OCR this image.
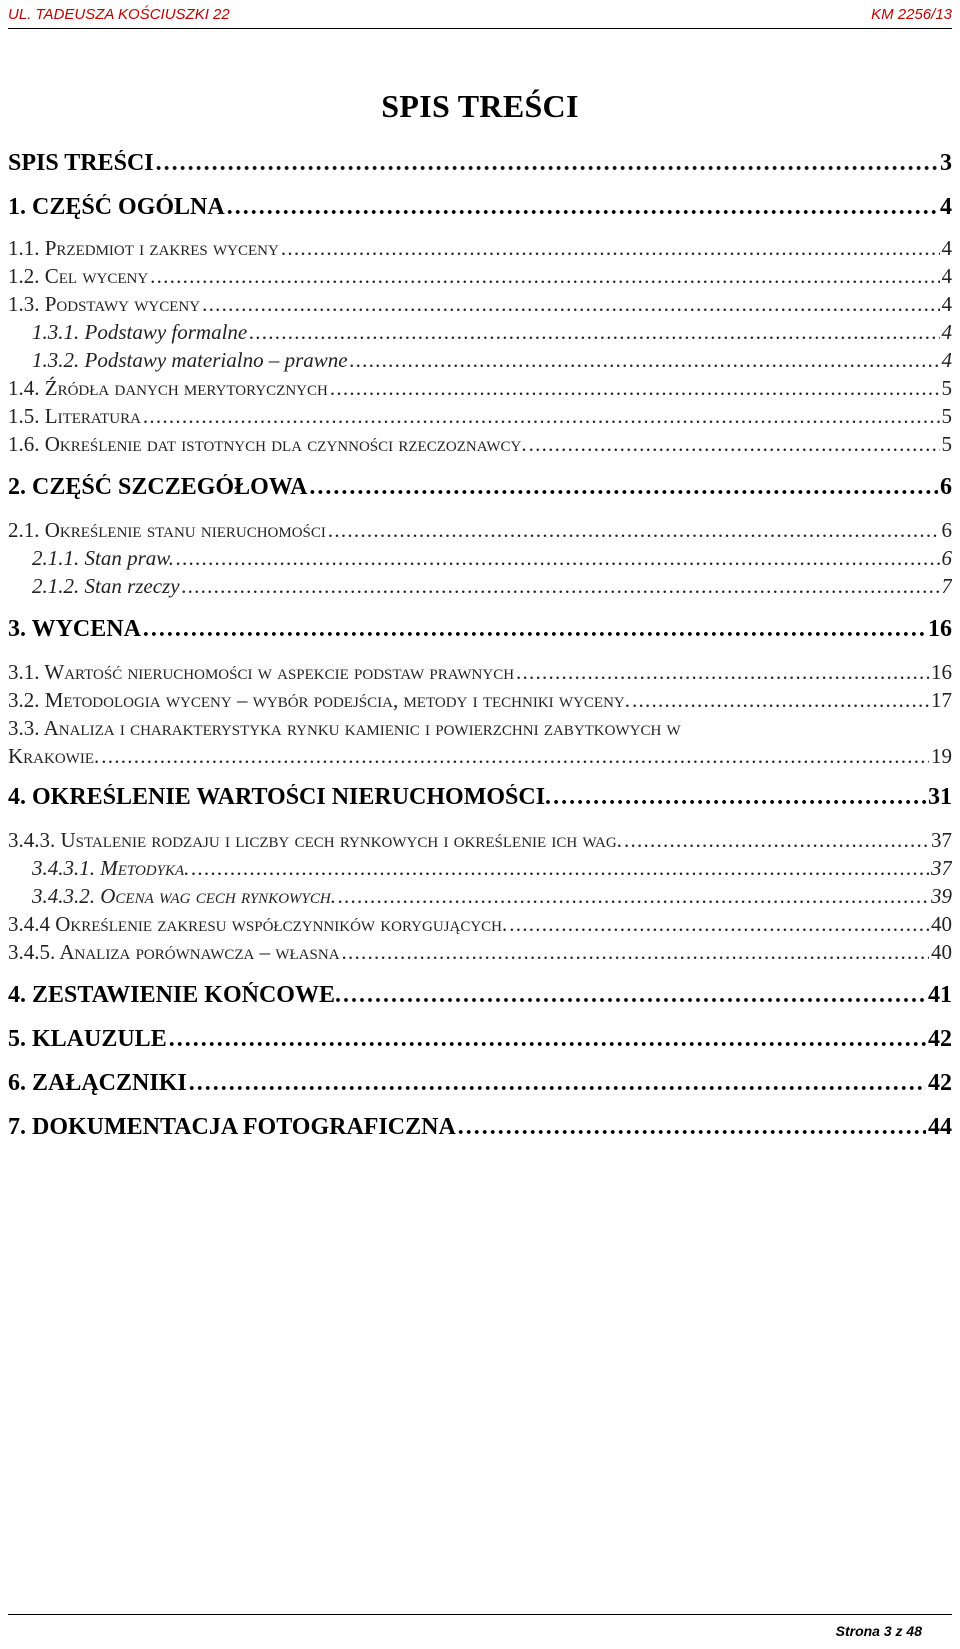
UL. TADEUSZA KOŚCIUSZKI 22	KM 2256/13
SPIS TREŚCI
SPIS TREŚCI . . .	3
1. CZĘŚĆ OGÓLNA . . .	4
1.1. Przedmiot i zakres wyceny . . .	4
1.2. Cel wyceny . . .	4
1.3. Podstawy wyceny . . .	4
1.3.1. Podstawy formalne . . .	4
1.3.2. Podstawy materialno – prawne . . .	4
1.4. Źródła danych merytorycznych . . .	5
1.5. Literatura . . .	5
1.6. Określenie dat istotnych dla czynności rzeczoznawcy. . . .	5
2. CZĘŚĆ SZCZEGÓŁOWA . . .	6
2.1. Określenie stanu nieruchomości . . .	6
2.1.1. Stan praw. . . .	6
2.1.2. Stan rzeczy . . .	7
3. WYCENA . . .	16
3.1. Wartość nieruchomości w aspekcie podstaw prawnych . . .	16
3.2. Metodologia wyceny – wybór podejścia, metody i techniki wyceny. . . .	17
3.3. Analiza i charakterystyka rynku kamienic i powierzchni zabytkowych w
Krakowie. . . .	19
4. OKREŚLENIE WARTOŚCI NIERUCHOMOŚCI. . . .	31
3.4.3. Ustalenie rodzaju i liczby cech rynkowych i określenie ich wag. . . .	37
3.4.3.1. Metodyka. . . .	37
3.4.3.2. Ocena wag cech rynkowych. . . .	39
3.4.4 Określenie zakresu współczynników korygujących. . . .	40
3.4.5. Analiza porównawcza – własna . . .	40
4. ZESTAWIENIE KOŃCOWE. . . .	41
5. KLAUZULE . . .	42
6. ZAŁĄCZNIKI . . .	42
7. DOKUMENTACJA FOTOGRAFICZNA . . .	44
Strona 3 z 48
